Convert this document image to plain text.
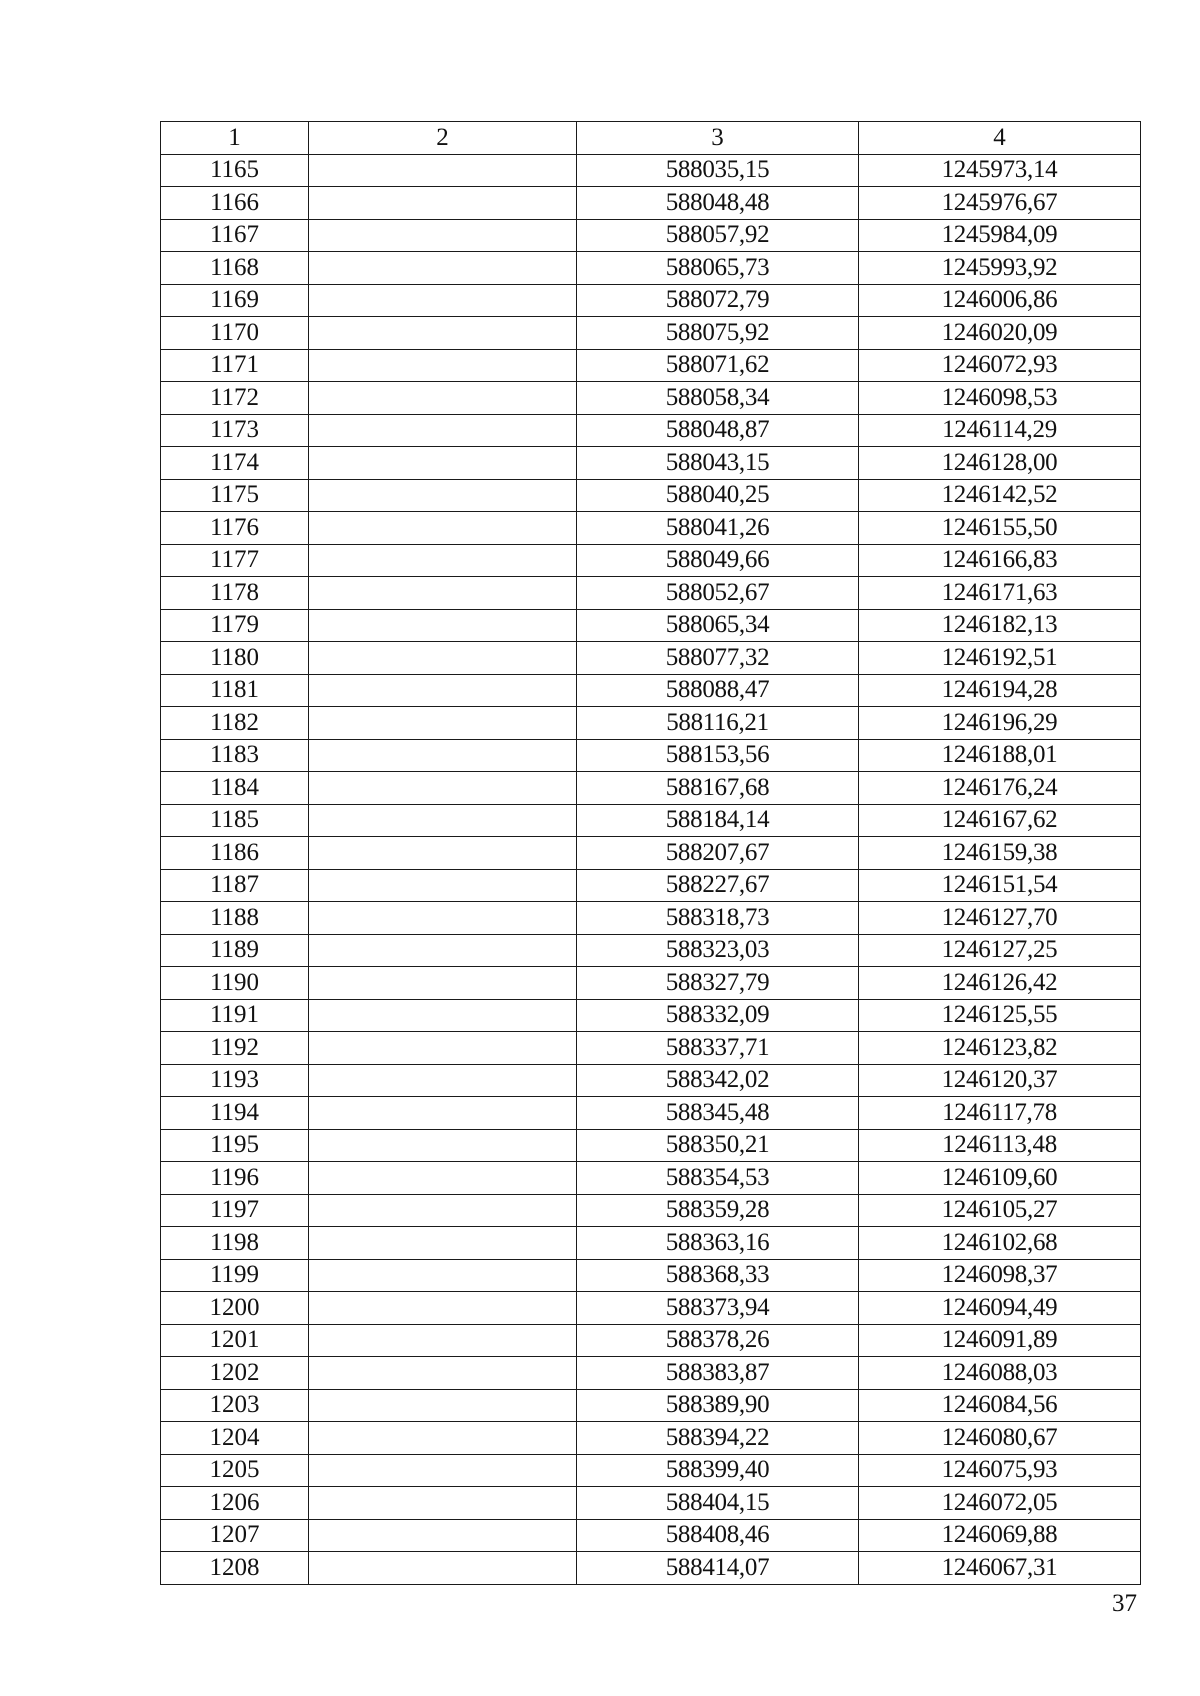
1	2	3	4
1165		588035,15	1245973,14
1166		588048,48	1245976,67
1167		588057,92	1245984,09
1168		588065,73	1245993,92
1169		588072,79	1246006,86
1170		588075,92	1246020,09
1171		588071,62	1246072,93
1172		588058,34	1246098,53
1173		588048,87	1246114,29
1174		588043,15	1246128,00
1175		588040,25	1246142,52
1176		588041,26	1246155,50
1177		588049,66	1246166,83
1178		588052,67	1246171,63
1179		588065,34	1246182,13
1180		588077,32	1246192,51
1181		588088,47	1246194,28
1182		588116,21	1246196,29
1183		588153,56	1246188,01
1184		588167,68	1246176,24
1185		588184,14	1246167,62
1186		588207,67	1246159,38
1187		588227,67	1246151,54
1188		588318,73	1246127,70
1189		588323,03	1246127,25
1190		588327,79	1246126,42
1191		588332,09	1246125,55
1192		588337,71	1246123,82
1193		588342,02	1246120,37
1194		588345,48	1246117,78
1195		588350,21	1246113,48
1196		588354,53	1246109,60
1197		588359,28	1246105,27
1198		588363,16	1246102,68
1199		588368,33	1246098,37
1200		588373,94	1246094,49
1201		588378,26	1246091,89
1202		588383,87	1246088,03
1203		588389,90	1246084,56
1204		588394,22	1246080,67
1205		588399,40	1246075,93
1206		588404,15	1246072,05
1207		588408,46	1246069,88
1208		588414,07	1246067,31
37
